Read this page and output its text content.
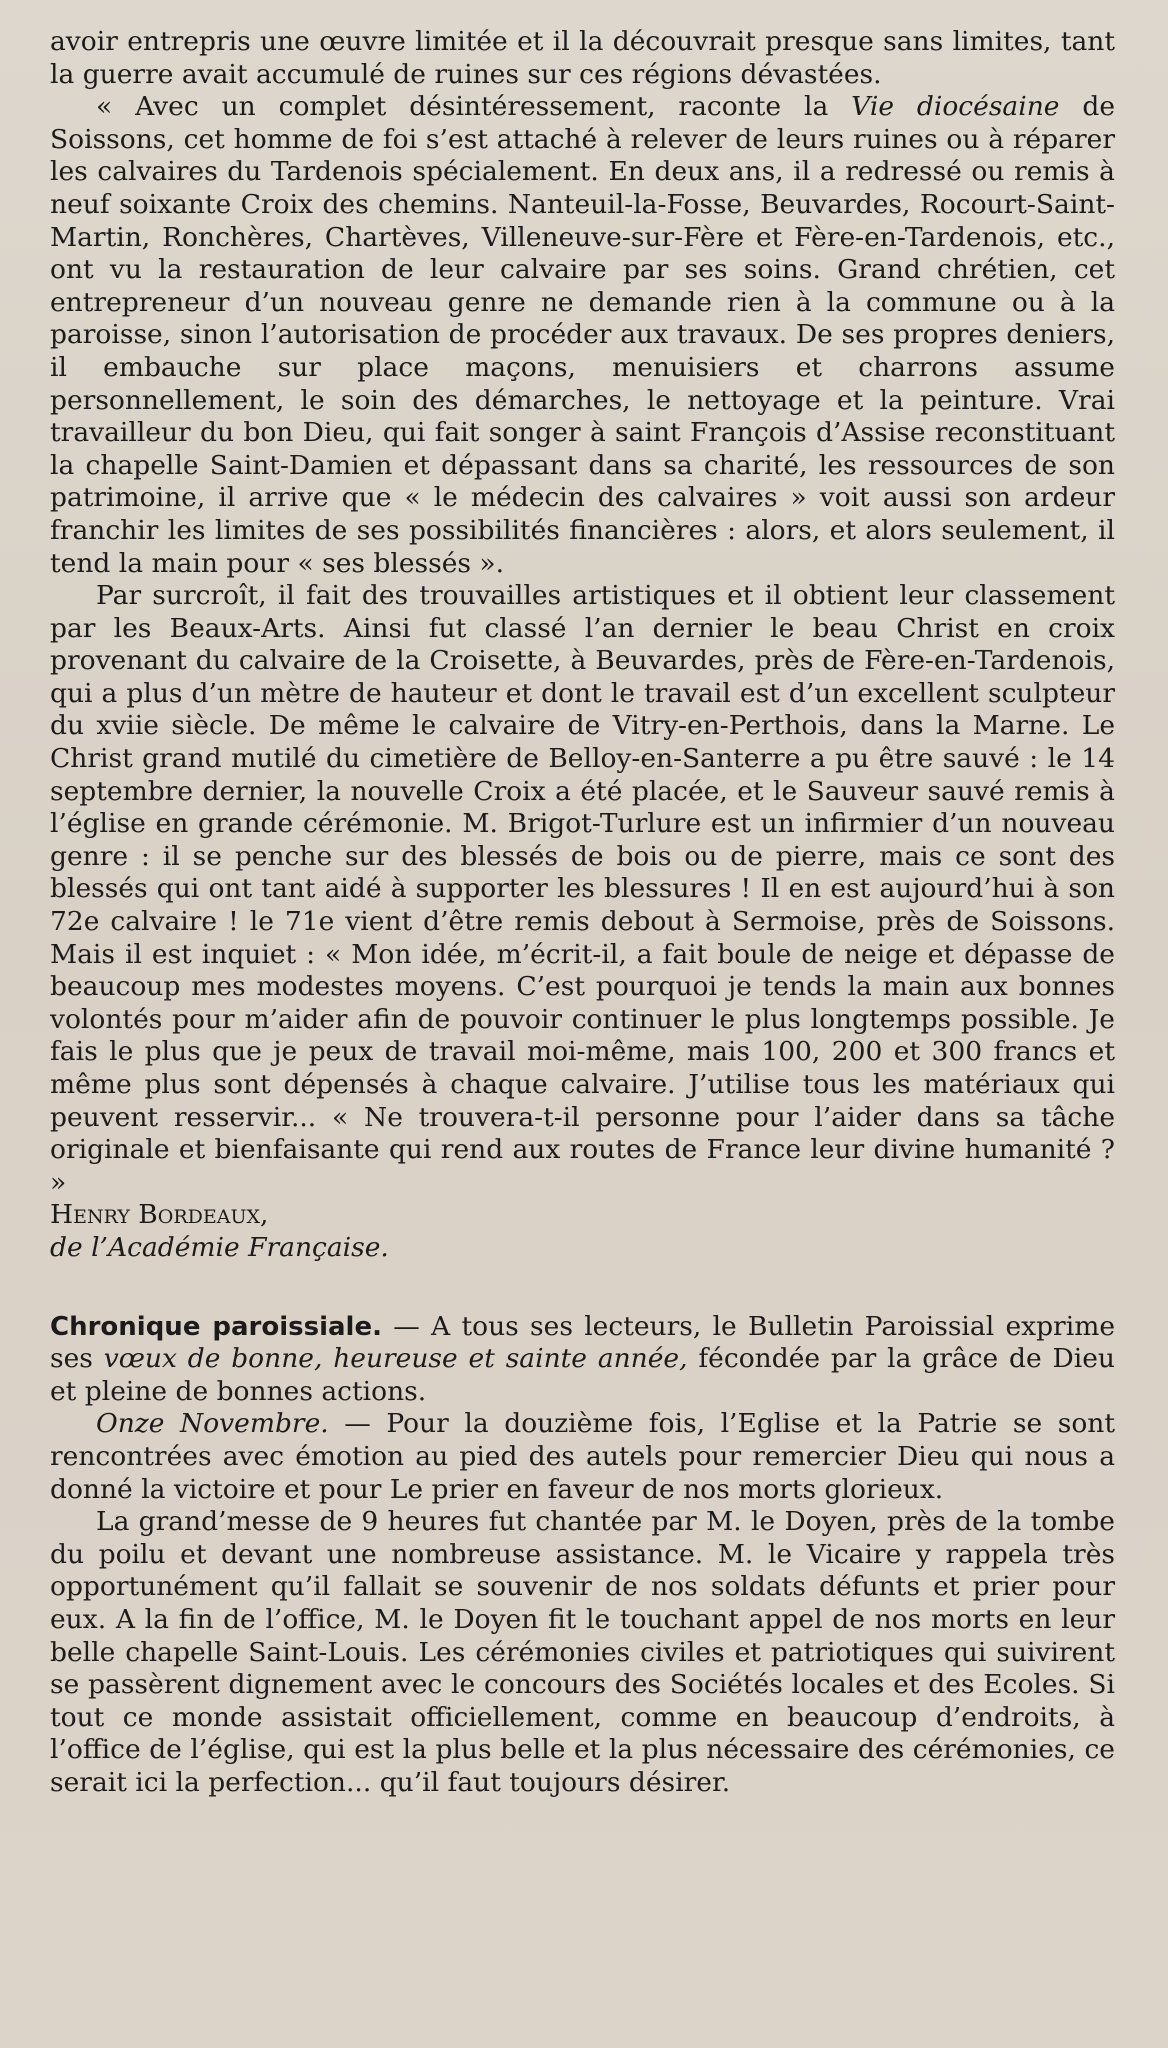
avoir entrepris une œuvre limitée et il la découvrait presque sans limites, tant la guerre avait accumulé de ruines sur ces régions dévastées.

« Avec un complet désintéressement, raconte la Vie diocésaine de Soissons, cet homme de foi s’est attaché à relever de leurs ruines ou à réparer les calvaires du Tardenois spécialement. En deux ans, il a redressé ou remis à neuf soixante Croix des chemins. Nanteuil-la-Fosse, Beuvardes, Rocourt-Saint-Martin, Ronchères, Chartèves, Villeneuve-sur-Fère et Fère-en-Tardenois, etc., ont vu la restauration de leur calvaire par ses soins. Grand chrétien, cet entrepreneur d’un nouveau genre ne demande rien à la commune ou à la paroisse, sinon l’autorisation de procéder aux travaux. De ses propres deniers, il embauche sur place maçons, menuisiers et charrons assume personnellement, le soin des démarches, le nettoyage et la peinture. Vrai travailleur du bon Dieu, qui fait songer à saint François d’Assise reconstituant la chapelle Saint-Damien et dépassant dans sa charité, les ressources de son patrimoine, il arrive que « le médecin des calvaires » voit aussi son ardeur franchir les limites de ses possibilités financières : alors, et alors seulement, il tend la main pour « ses blessés ».

Par surcroît, il fait des trouvailles artistiques et il obtient leur classement par les Beaux-Arts. Ainsi fut classé l’an dernier le beau Christ en croix provenant du calvaire de la Croisette, à Beuvardes, près de Fère-en-Tardenois, qui a plus d’un mètre de hauteur et dont le travail est d’un excellent sculpteur du xviie siècle. De même le calvaire de Vitry-en-Perthois, dans la Marne. Le Christ grand mutilé du cimetière de Belloy-en-Santerre a pu être sauvé : le 14 septembre dernier, la nouvelle Croix a été placée, et le Sauveur sauvé remis à l’église en grande cérémonie. M. Brigot-Turlure est un infirmier d’un nouveau genre : il se penche sur des blessés de bois ou de pierre, mais ce sont des blessés qui ont tant aidé à supporter les blessures ! Il en est aujourd’hui à son 72e calvaire ! le 71e vient d’être remis debout à Sermoise, près de Soissons. Mais il est inquiet : « Mon idée, m’écrit-il, a fait boule de neige et dépasse de beaucoup mes modestes moyens. C’est pourquoi je tends la main aux bonnes volontés pour m’aider afin de pouvoir continuer le plus longtemps possible. Je fais le plus que je peux de travail moi-même, mais 100, 200 et 300 francs et même plus sont dépensés à chaque calvaire. J’utilise tous les matériaux qui peuvent resservir... « Ne trouvera-t-il personne pour l’aider dans sa tâche originale et bienfaisante qui rend aux routes de France leur divine humanité ? »

Henry Bordeaux,

de l’Académie Française.

Chronique paroissiale. — A tous ses lecteurs, le Bulletin Paroissial exprime ses vœux de bonne, heureuse et sainte année, fécondée par la grâce de Dieu et pleine de bonnes actions.

Onze Novembre. — Pour la douzième fois, l’Eglise et la Patrie se sont rencontrées avec émotion au pied des autels pour remercier Dieu qui nous a donné la victoire et pour Le prier en faveur de nos morts glorieux.

La grand’messe de 9 heures fut chantée par M. le Doyen, près de la tombe du poilu et devant une nombreuse assistance. M. le Vicaire y rappela très opportunément qu’il fallait se souvenir de nos soldats défunts et prier pour eux. A la fin de l’office, M. le Doyen fit le touchant appel de nos morts en leur belle chapelle Saint-Louis. Les cérémonies civiles et patriotiques qui suivirent se passèrent dignement avec le concours des Sociétés locales et des Ecoles. Si tout ce monde assistait officiellement, comme en beaucoup d’endroits, à l’office de l’église, qui est la plus belle et la plus nécessaire des cérémonies, ce serait ici la perfection... qu’il faut toujours désirer.
